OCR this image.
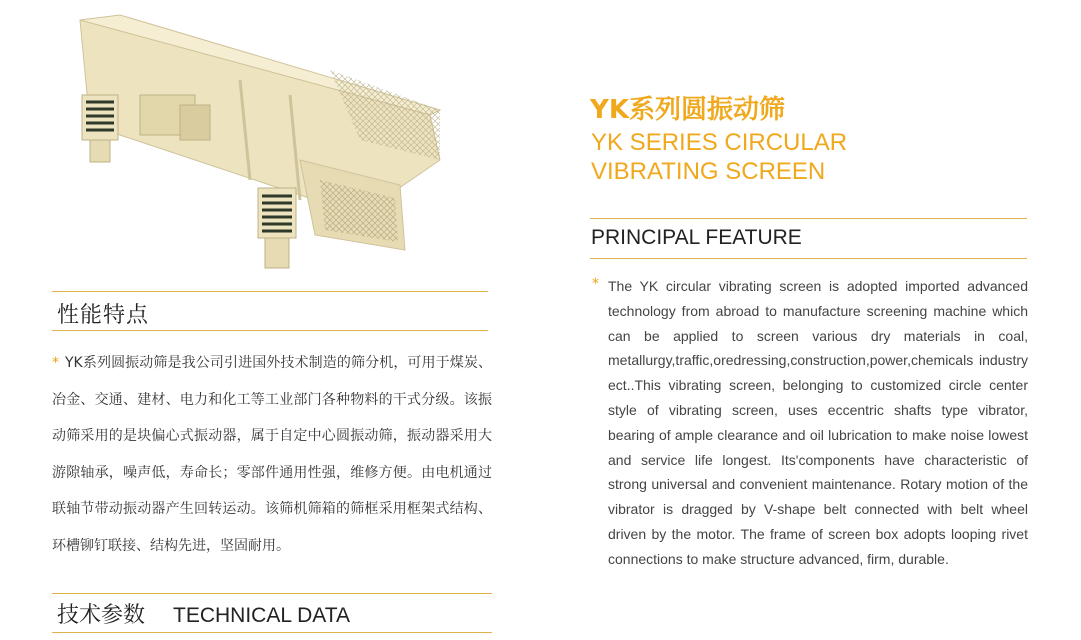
性能特点

* YK系列圆振动筛是我公司引进国外技术制造的筛分机，可用于煤炭、冶金、交通、建材、电力和化工等工业部门各种物料的干式分级。该振动筛采用的是块偏心式振动器，属于自定中心圆振动筛，振动器采用大游隙轴承，噪声低，寿命长；零部件通用性强，维修方便。由电机通过联轴节带动振动器产生回转运动。该筛机筛箱的筛框采用框架式结构、环槽铆钉联接、结构先进，坚固耐用。

技术参数 TECHNICAL DATA
YK系列圆振动筛
YK SERIES CIRCULAR
VIBRATING SCREEN
PRINCIPAL FEATURE
* The YK circular vibrating screen is adopted imported advanced technology from abroad to manufacture screening machine which can be applied to screen various dry materials in coal, metallurgy,traffic,oredressing,construction,power,chemicals industry ect..This vibrating screen, belonging to customized circle center style of vibrating screen, uses eccentric shafts type vibrator, bearing of ample clearance and oil lubrication to make noise lowest and service life longest. Its'components have characteristic of strong universal and convenient maintenance. Rotary motion of the vibrator is dragged by V-shape belt connected with belt wheel driven by the motor. The frame of screen box adopts looping rivet connections to make structure advanced, firm, durable.
